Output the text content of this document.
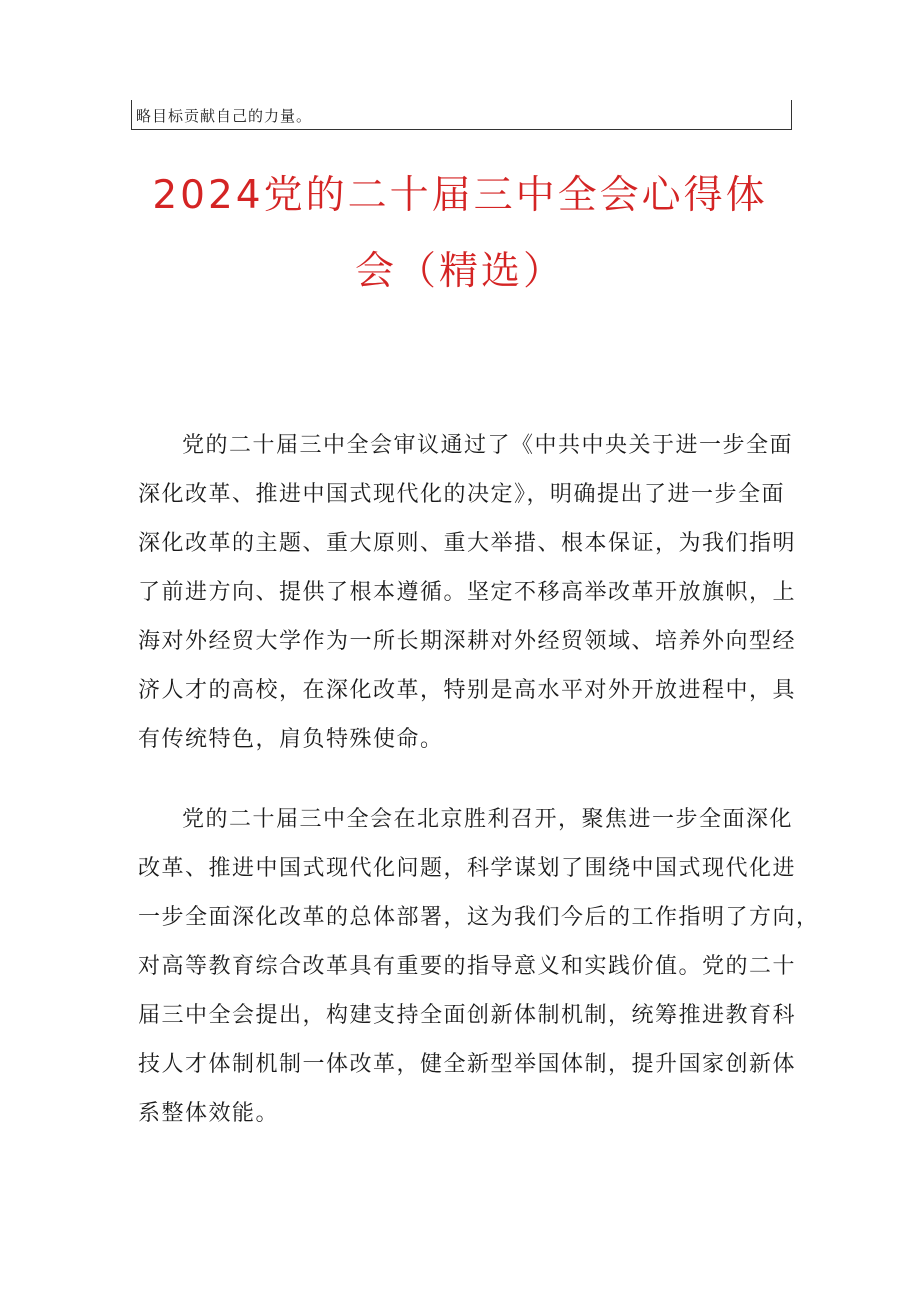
略目标贡献自己的力量。
2024党的二十届三中全会心得体
会（精选）
党的二十届三中全会审议通过了《中共中央关于进一步全面
深化改革、推进中国式现代化的决定》，明确提出了进一步全面
深化改革的主题、重大原则、重大举措、根本保证，为我们指明
了前进方向、提供了根本遵循。坚定不移高举改革开放旗帜，上
海对外经贸大学作为一所长期深耕对外经贸领域、培养外向型经
济人才的高校，在深化改革，特别是高水平对外开放进程中，具
有传统特色，肩负特殊使命。
党的二十届三中全会在北京胜利召开，聚焦进一步全面深化
改革、推进中国式现代化问题，科学谋划了围绕中国式现代化进
一步全面深化改革的总体部署，这为我们今后的工作指明了方向，
对高等教育综合改革具有重要的指导意义和实践价值。党的二十
届三中全会提出，构建支持全面创新体制机制，统筹推进教育科
技人才体制机制一体改革，健全新型举国体制，提升国家创新体
系整体效能。
